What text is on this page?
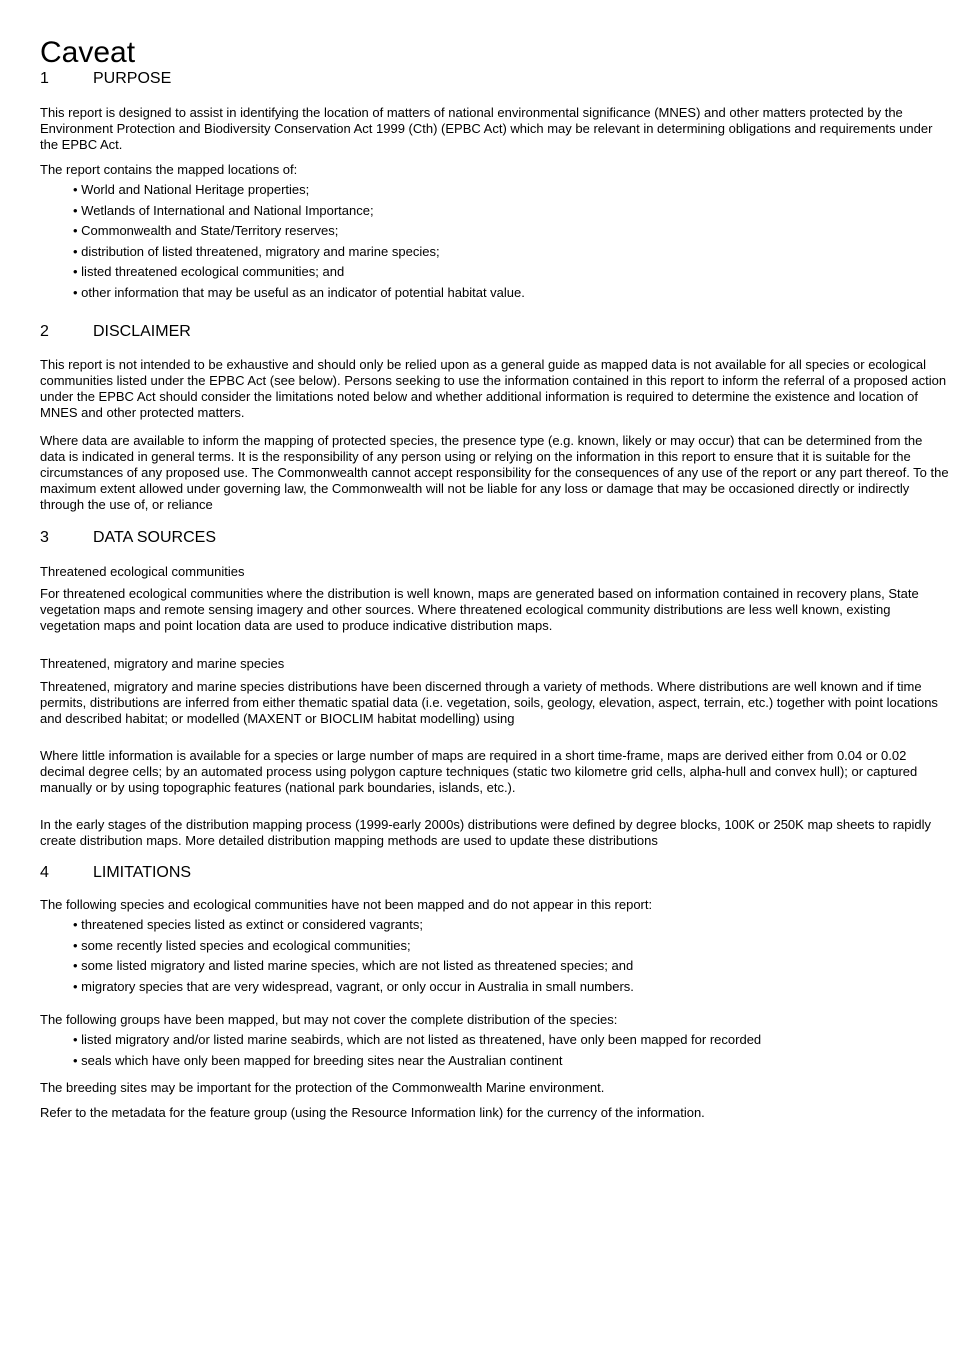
Caveat
1	PURPOSE

This report is designed to assist in identifying the location of matters of national environmental significance (MNES) and other matters protected by the Environment Protection and Biodiversity Conservation Act 1999 (Cth) (EPBC Act) which may be relevant in determining obligations and requirements under the EPBC Act.

The report contains the mapped locations of:

• World and National Heritage properties;
• Wetlands of International and National Importance;
• Commonwealth and State/Territory reserves;
• distribution of listed threatened, migratory and marine species;
• listed threatened ecological communities; and
• other information that may be useful as an indicator of potential habitat value.
2	DISCLAIMER

This report is not intended to be exhaustive and should only be relied upon as a general guide as mapped data is not available for all species or ecological communities listed under the EPBC Act (see below). Persons seeking to use the information contained in this report to inform the referral of a proposed action under the EPBC Act should consider the limitations noted below and whether additional information is required to determine the existence and location of MNES and other protected matters.

Where data are available to inform the mapping of protected species, the presence type (e.g. known, likely or may occur) that can be determined from the data is indicated in general terms. It is the responsibility of any person using or relying on the information in this report to ensure that it is suitable for the circumstances of any proposed use. The Commonwealth cannot accept responsibility for the consequences of any use of the report or any part thereof. To the maximum extent allowed under governing law, the Commonwealth will not be liable for any loss or damage that may be occasioned directly or indirectly through the use of, or reliance

3	DATA SOURCES
Threatened ecological communities

For threatened ecological communities where the distribution is well known, maps are generated based on information contained in recovery plans, State vegetation maps and remote sensing imagery and other sources. Where threatened ecological community distributions are less well known, existing vegetation maps and point location data are used to produce indicative distribution maps.

Threatened, migratory and marine species

Threatened, migratory and marine species distributions have been discerned through a variety of methods. Where distributions are well known and if time permits, distributions are inferred from either thematic spatial data (i.e. vegetation, soils, geology, elevation, aspect, terrain, etc.) together with point locations and described habitat; or modelled (MAXENT or BIOCLIM habitat modelling) using

Where little information is available for a species or large number of maps are required in a short time-frame, maps are derived either from 0.04 or 0.02 decimal degree cells; by an automated process using polygon capture techniques (static two kilometre grid cells, alpha-hull and convex hull); or captured manually or by using topographic features (national park boundaries, islands, etc.).

In the early stages of the distribution mapping process (1999-early 2000s) distributions were defined by degree blocks, 100K or 250K map sheets to rapidly create distribution maps. More detailed distribution mapping methods are used to update these distributions

4	LIMITATIONS

The following species and ecological communities have not been mapped and do not appear in this report:

• threatened species listed as extinct or considered vagrants;
• some recently listed species and ecological communities;
• some listed migratory and listed marine species, which are not listed as threatened species; and
• migratory species that are very widespread, vagrant, or only occur in Australia in small numbers.

The following groups have been mapped, but may not cover the complete distribution of the species:

• listed migratory and/or listed marine seabirds, which are not listed as threatened, have only been mapped for recorded
• seals which have only been mapped for breeding sites near the Australian continent

The breeding sites may be important for the protection of the Commonwealth Marine environment.

Refer to the metadata for the feature group (using the Resource Information link) for the currency of the information.
